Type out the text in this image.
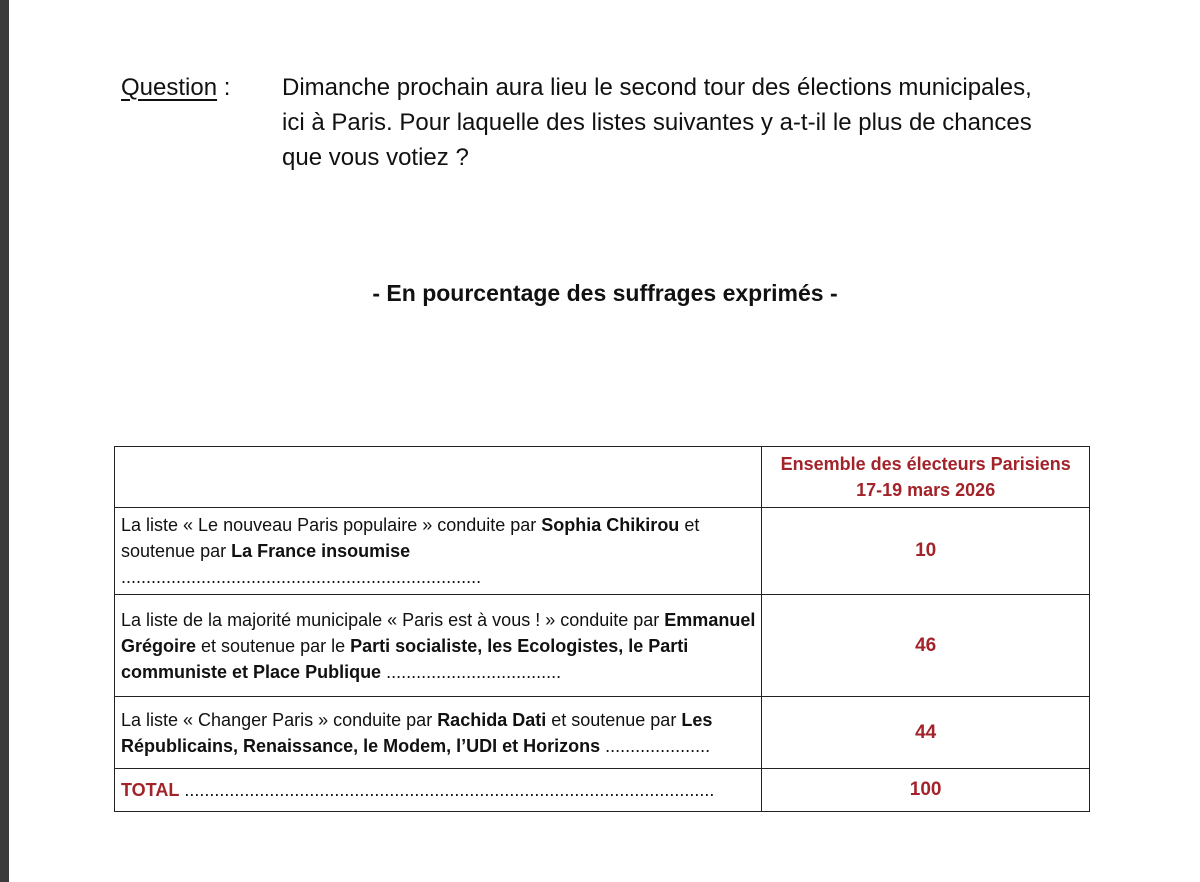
Question : Dimanche prochain aura lieu le second tour des élections municipales,
ici à Paris. Pour laquelle des listes suivantes y a-t-il le plus de chances
que vous votiez ?
- En pourcentage des suffrages exprimés -

	Ensemble des électeurs Parisiens
17-19 mars 2026

La liste « Le nouveau Paris populaire » conduite par Sophia Chikirou et soutenue par La France insoumise ........................................................................	10
La liste de la majorité municipale « Paris est à vous ! » conduite par Emmanuel Grégoire et soutenue par le Parti socialiste, les Ecologistes, le Parti communiste et Place Publique ...................................	46
La liste « Changer Paris » conduite par Rachida Dati et soutenue par Les Républicains, Renaissance, le Modem, l’UDI et Horizons .....................	44
TOTAL ..........................................................................................................	100
